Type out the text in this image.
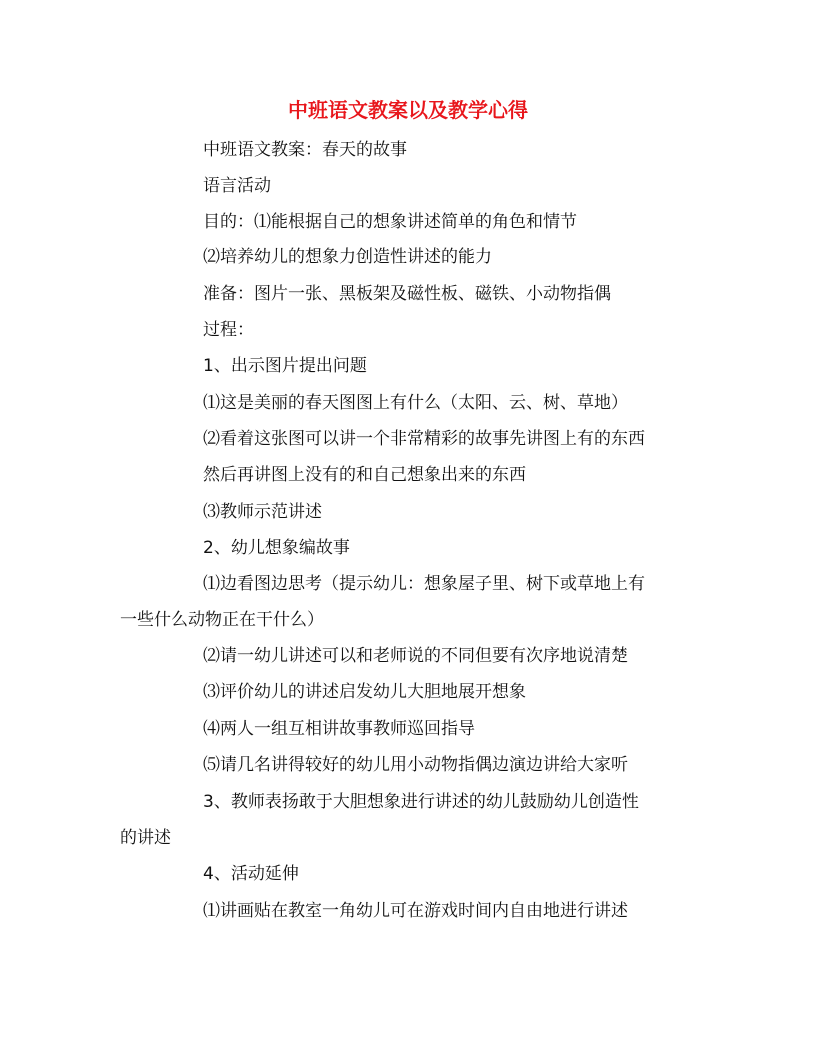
中班语文教案以及教学心得
中班语文教案：春天的故事
语言活动
目的：⑴能根据自己的想象讲述简单的角色和情节
⑵培养幼儿的想象力创造性讲述的能力
准备：图片一张、黑板架及磁性板、磁铁、小动物指偶
过程：
1、出示图片提出问题
⑴这是美丽的春天图图上有什么（太阳、云、树、草地）
⑵看着这张图可以讲一个非常精彩的故事先讲图上有的东西
然后再讲图上没有的和自己想象出来的东西
⑶教师示范讲述
2、幼儿想象编故事
⑴边看图边思考（提示幼儿：想象屋子里、树下或草地上有
一些什么动物正在干什么）
⑵请一幼儿讲述可以和老师说的不同但要有次序地说清楚
⑶评价幼儿的讲述启发幼儿大胆地展开想象
⑷两人一组互相讲故事教师巡回指导
⑸请几名讲得较好的幼儿用小动物指偶边演边讲给大家听
3、教师表扬敢于大胆想象进行讲述的幼儿鼓励幼儿创造性
的讲述
4、活动延伸
⑴讲画贴在教室一角幼儿可在游戏时间内自由地进行讲述
